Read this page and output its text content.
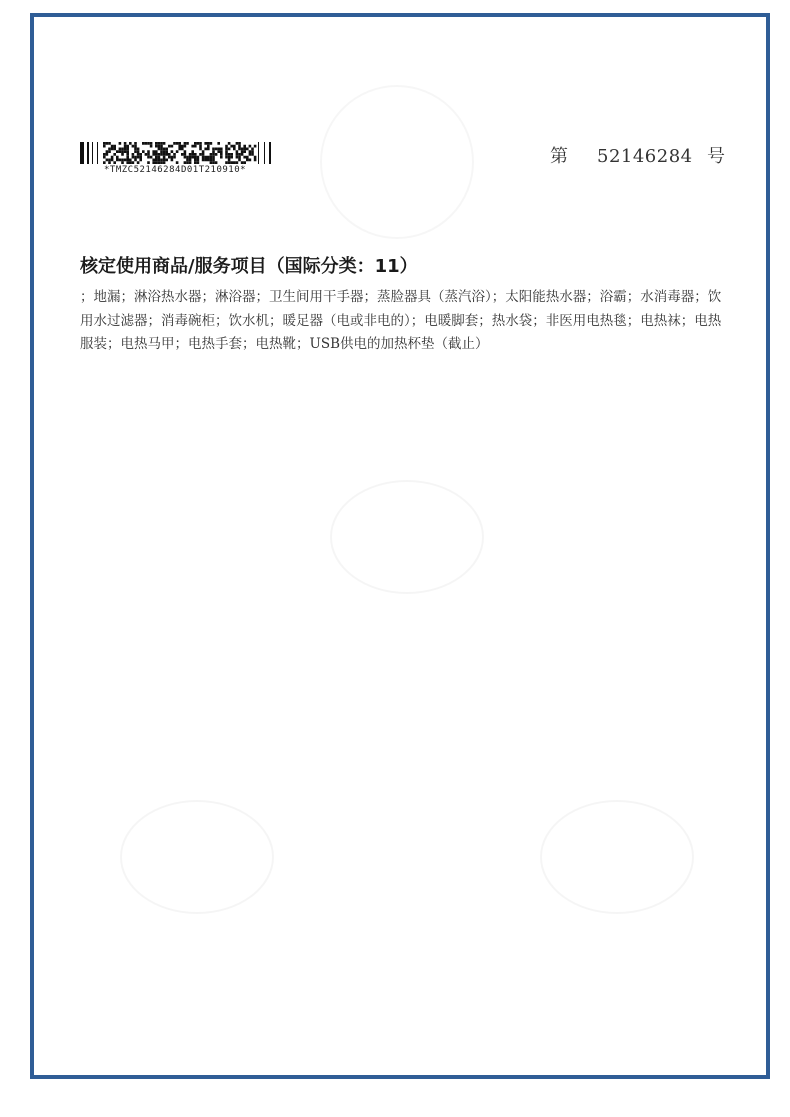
*TMZC52146284D01T210910*
第	52146284 号
核定使用商品/服务项目（国际分类：11）
；地漏；淋浴热水器；淋浴器；卫生间用干手器；蒸脸器具（蒸汽浴）；太阳能热水器；浴霸；水消毒器；饮用水过滤器；消毒碗柜；饮水机；暖足器（电或非电的）；电暖脚套；热水袋；非医用电热毯；电热袜；电热服装；电热马甲；电热手套；电热靴；USB供电的加热杯垫（截止）
